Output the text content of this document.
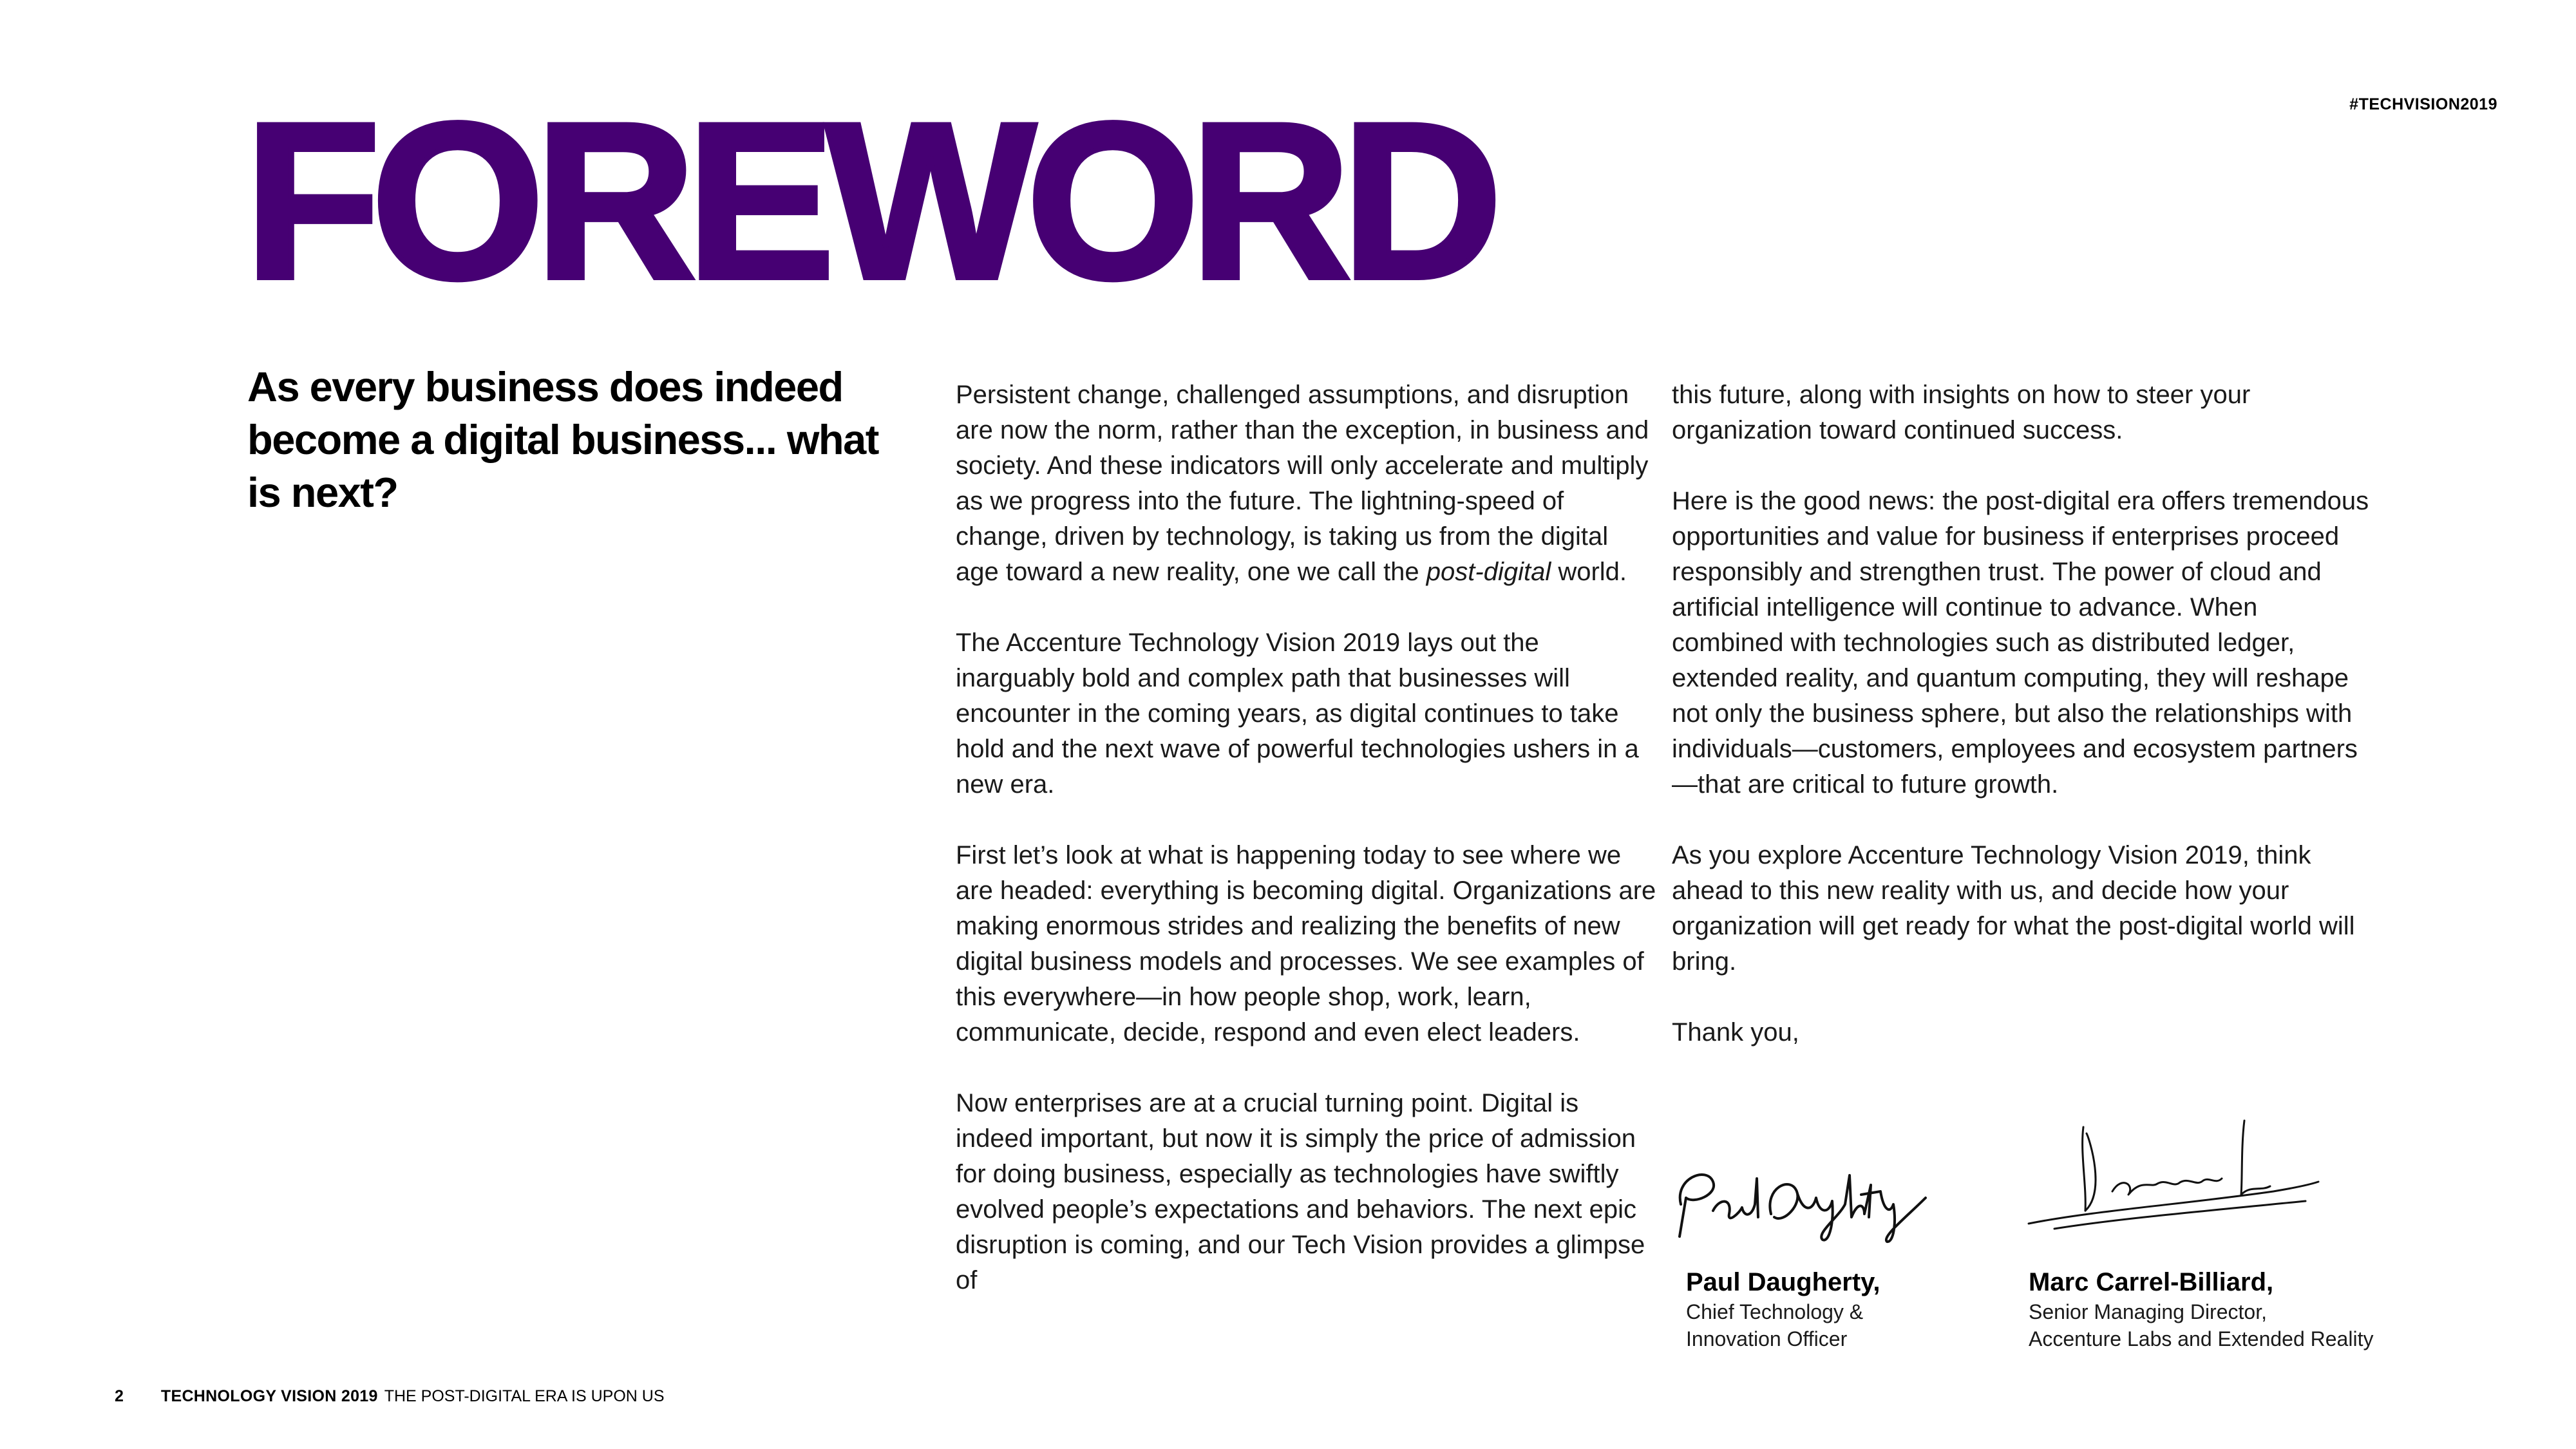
#TECHVISION2019
FOREWORD
As every business does indeed become a digital business... what is next?

Persistent change, challenged assumptions, and disruption are now the norm, rather than the exception, in business and society. And these indicators will only accelerate and multiply as we progress into the future. The lightning-speed of change, driven by technology, is taking us from the digital age toward a new reality, one we call the post-digital world.

The Accenture Technology Vision 2019 lays out the inarguably bold and complex path that businesses will encounter in the coming years, as digital continues to take hold and the next wave of powerful technologies ushers in a new era.

First let’s look at what is happening today to see where we are headed: everything is becoming digital. Organizations are making enormous strides and realizing the benefits of new digital business models and processes. We see examples of this everywhere—in how people shop, work, learn, communicate, decide, respond and even elect leaders.

Now enterprises are at a crucial turning point. Digital is indeed important, but now it is simply the price of admission for doing business, especially as technologies have swiftly evolved people’s expectations and behaviors. The next epic disruption is coming, and our Tech Vision provides a glimpse of

this future, along with insights on how to steer your organization toward continued success.

Here is the good news: the post-digital era offers tremendous opportunities and value for business if enterprises proceed responsibly and strengthen trust. The power of cloud and artificial intelligence will continue to advance. When combined with technologies such as distributed ledger, extended reality, and quantum computing, they will reshape not only the business sphere, but also the relationships with individuals—customers, employees and ecosystem partners—that are critical to future growth.

As you explore Accenture Technology Vision 2019, think ahead to this new reality with us, and decide how your organization will get ready for what the post-digital world will bring.

Thank you,

Paul Daugherty,
Chief Technology &
Innovation Officer
Marc Carrel-Billiard,
Senior Managing Director,
Accenture Labs and Extended Reality
2 TECHNOLOGY VISION 2019 THE POST-DIGITAL ERA IS UPON US
